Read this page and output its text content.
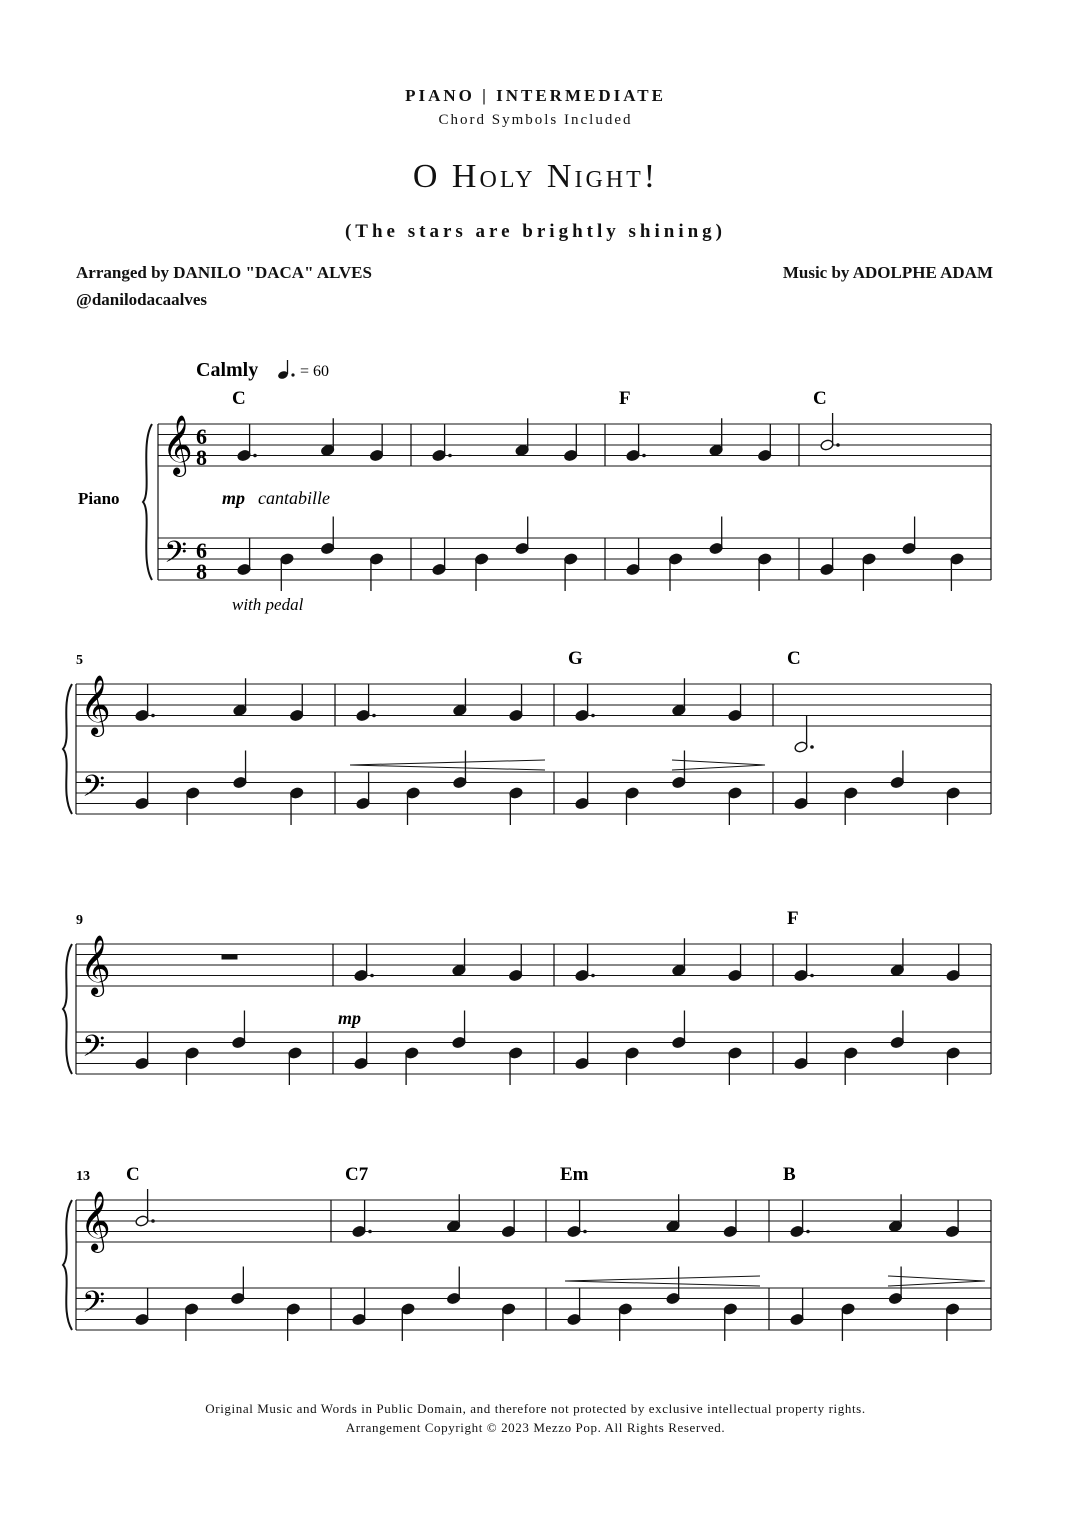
PIANO | INTERMEDIATE
Chord Symbols Included
O Holy Night!
(The stars are brightly shining)
Arranged by DANILO "DACA" ALVES
@danilodacaalves
Music by ADOLPHE ADAM
Calmly	= 60
Piano	mp cantabille
with pedal
mp
𝄞
𝄢
6
8
6
8
C	F	C
𝄞
𝄢
G	C
5
𝄞
𝄢
F
9
𝄞
𝄢
C	C7	Em	B
13
Original Music and Words in Public Domain, and therefore not protected by exclusive intellectual property rights.
Arrangement Copyright © 2023 Mezzo Pop. All Rights Reserved.
